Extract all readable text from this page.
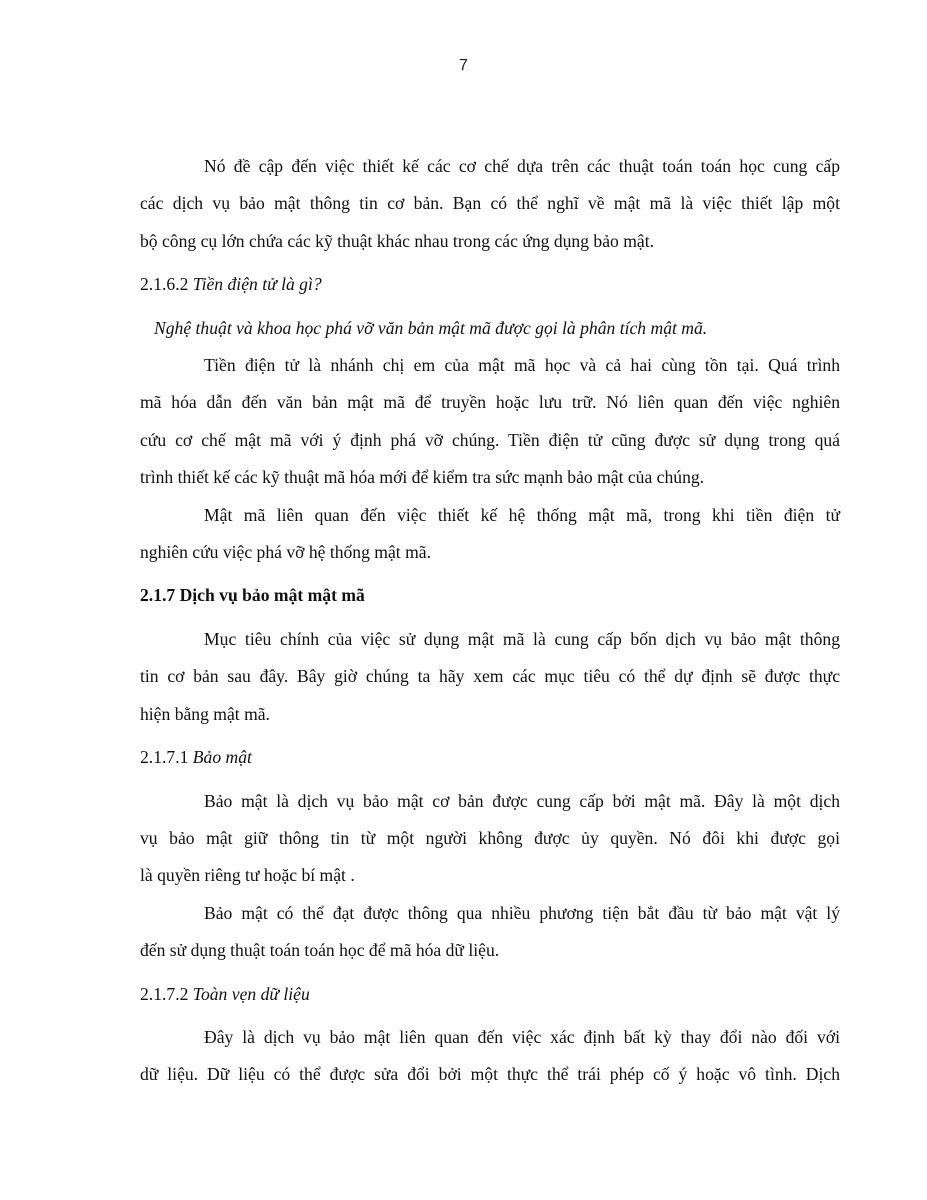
7
Nó đề cập đến việc thiết kế các cơ chế dựa trên các thuật toán toán học cung cấp
các dịch vụ bảo mật thông tin cơ bản. Bạn có thể nghĩ về mật mã là việc thiết lập một
bộ công cụ lớn chứa các kỹ thuật khác nhau trong các ứng dụng bảo mật.
2.1.6.2 Tiền điện tử là gì?
Nghệ thuật và khoa học phá vỡ văn bản mật mã được gọi là phân tích mật mã.
Tiền điện tử là nhánh chị em của mật mã học và cả hai cùng tồn tại. Quá trình
mã hóa dẫn đến văn bản mật mã để truyền hoặc lưu trữ. Nó liên quan đến việc nghiên
cứu cơ chế mật mã với ý định phá vỡ chúng. Tiền điện tử cũng được sử dụng trong quá
trình thiết kế các kỹ thuật mã hóa mới để kiểm tra sức mạnh bảo mật của chúng.
Mật mã liên quan đến việc thiết kế hệ thống mật mã, trong khi tiền điện tử
nghiên cứu việc phá vỡ hệ thống mật mã.
2.1.7 Dịch vụ bảo mật mật mã
Mục tiêu chính của việc sử dụng mật mã là cung cấp bốn dịch vụ bảo mật thông
tin cơ bản sau đây. Bây giờ chúng ta hãy xem các mục tiêu có thể dự định sẽ được thực
hiện bằng mật mã.
2.1.7.1 Bảo mật
Bảo mật là dịch vụ bảo mật cơ bản được cung cấp bởi mật mã. Đây là một dịch
vụ bảo mật giữ thông tin từ một người không được ủy quyền. Nó đôi khi được gọi
là quyền riêng tư hoặc bí mật .
Bảo mật có thể đạt được thông qua nhiều phương tiện bắt đầu từ bảo mật vật lý
đến sử dụng thuật toán toán học để mã hóa dữ liệu.
2.1.7.2 Toàn vẹn dữ liệu
Đây là dịch vụ bảo mật liên quan đến việc xác định bất kỳ thay đổi nào đối với
dữ liệu. Dữ liệu có thể được sửa đổi bởi một thực thể trái phép cố ý hoặc vô tình. Dịch
